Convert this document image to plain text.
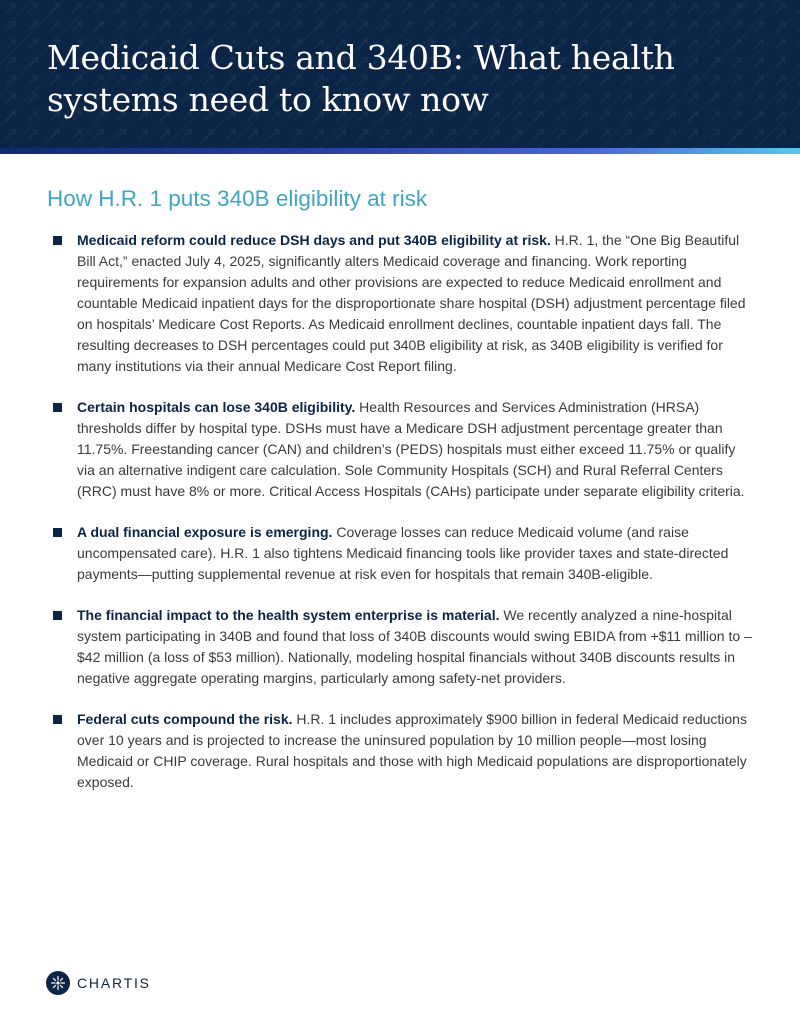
Medicaid Cuts and 340B: What health systems need to know now
How H.R. 1 puts 340B eligibility at risk
Medicaid reform could reduce DSH days and put 340B eligibility at risk. H.R. 1, the “One Big Beautiful Bill Act,” enacted July 4, 2025, significantly alters Medicaid coverage and financing. Work reporting requirements for expansion adults and other provisions are expected to reduce Medicaid enrollment and countable Medicaid inpatient days for the disproportionate share hospital (DSH) adjustment percentage filed on hospitals’ Medicare Cost Reports. As Medicaid enrollment declines, countable inpatient days fall. The resulting decreases to DSH percentages could put 340B eligibility at risk, as 340B eligibility is verified for many institutions via their annual Medicare Cost Report filing.
Certain hospitals can lose 340B eligibility. Health Resources and Services Administration (HRSA) thresholds differ by hospital type. DSHs must have a Medicare DSH adjustment percentage greater than 11.75%. Freestanding cancer (CAN) and children’s (PEDS) hospitals must either exceed 11.75% or qualify via an alternative indigent care calculation. Sole Community Hospitals (SCH) and Rural Referral Centers (RRC) must have 8% or more. Critical Access Hospitals (CAHs) participate under separate eligibility criteria.
A dual financial exposure is emerging. Coverage losses can reduce Medicaid volume (and raise uncompensated care). H.R. 1 also tightens Medicaid financing tools like provider taxes and state-directed payments—putting supplemental revenue at risk even for hospitals that remain 340B-eligible.
The financial impact to the health system enterprise is material. We recently analyzed a nine-hospital system participating in 340B and found that loss of 340B discounts would swing EBIDA from +$11 million to –$42 million (a loss of $53 million). Nationally, modeling hospital financials without 340B discounts results in negative aggregate operating margins, particularly among safety-net providers.
Federal cuts compound the risk. H.R. 1 includes approximately $900 billion in federal Medicaid reductions over 10 years and is projected to increase the uninsured population by 10 million people—most losing Medicaid or CHIP coverage. Rural hospitals and those with high Medicaid populations are disproportionately exposed.
CHARTIS
